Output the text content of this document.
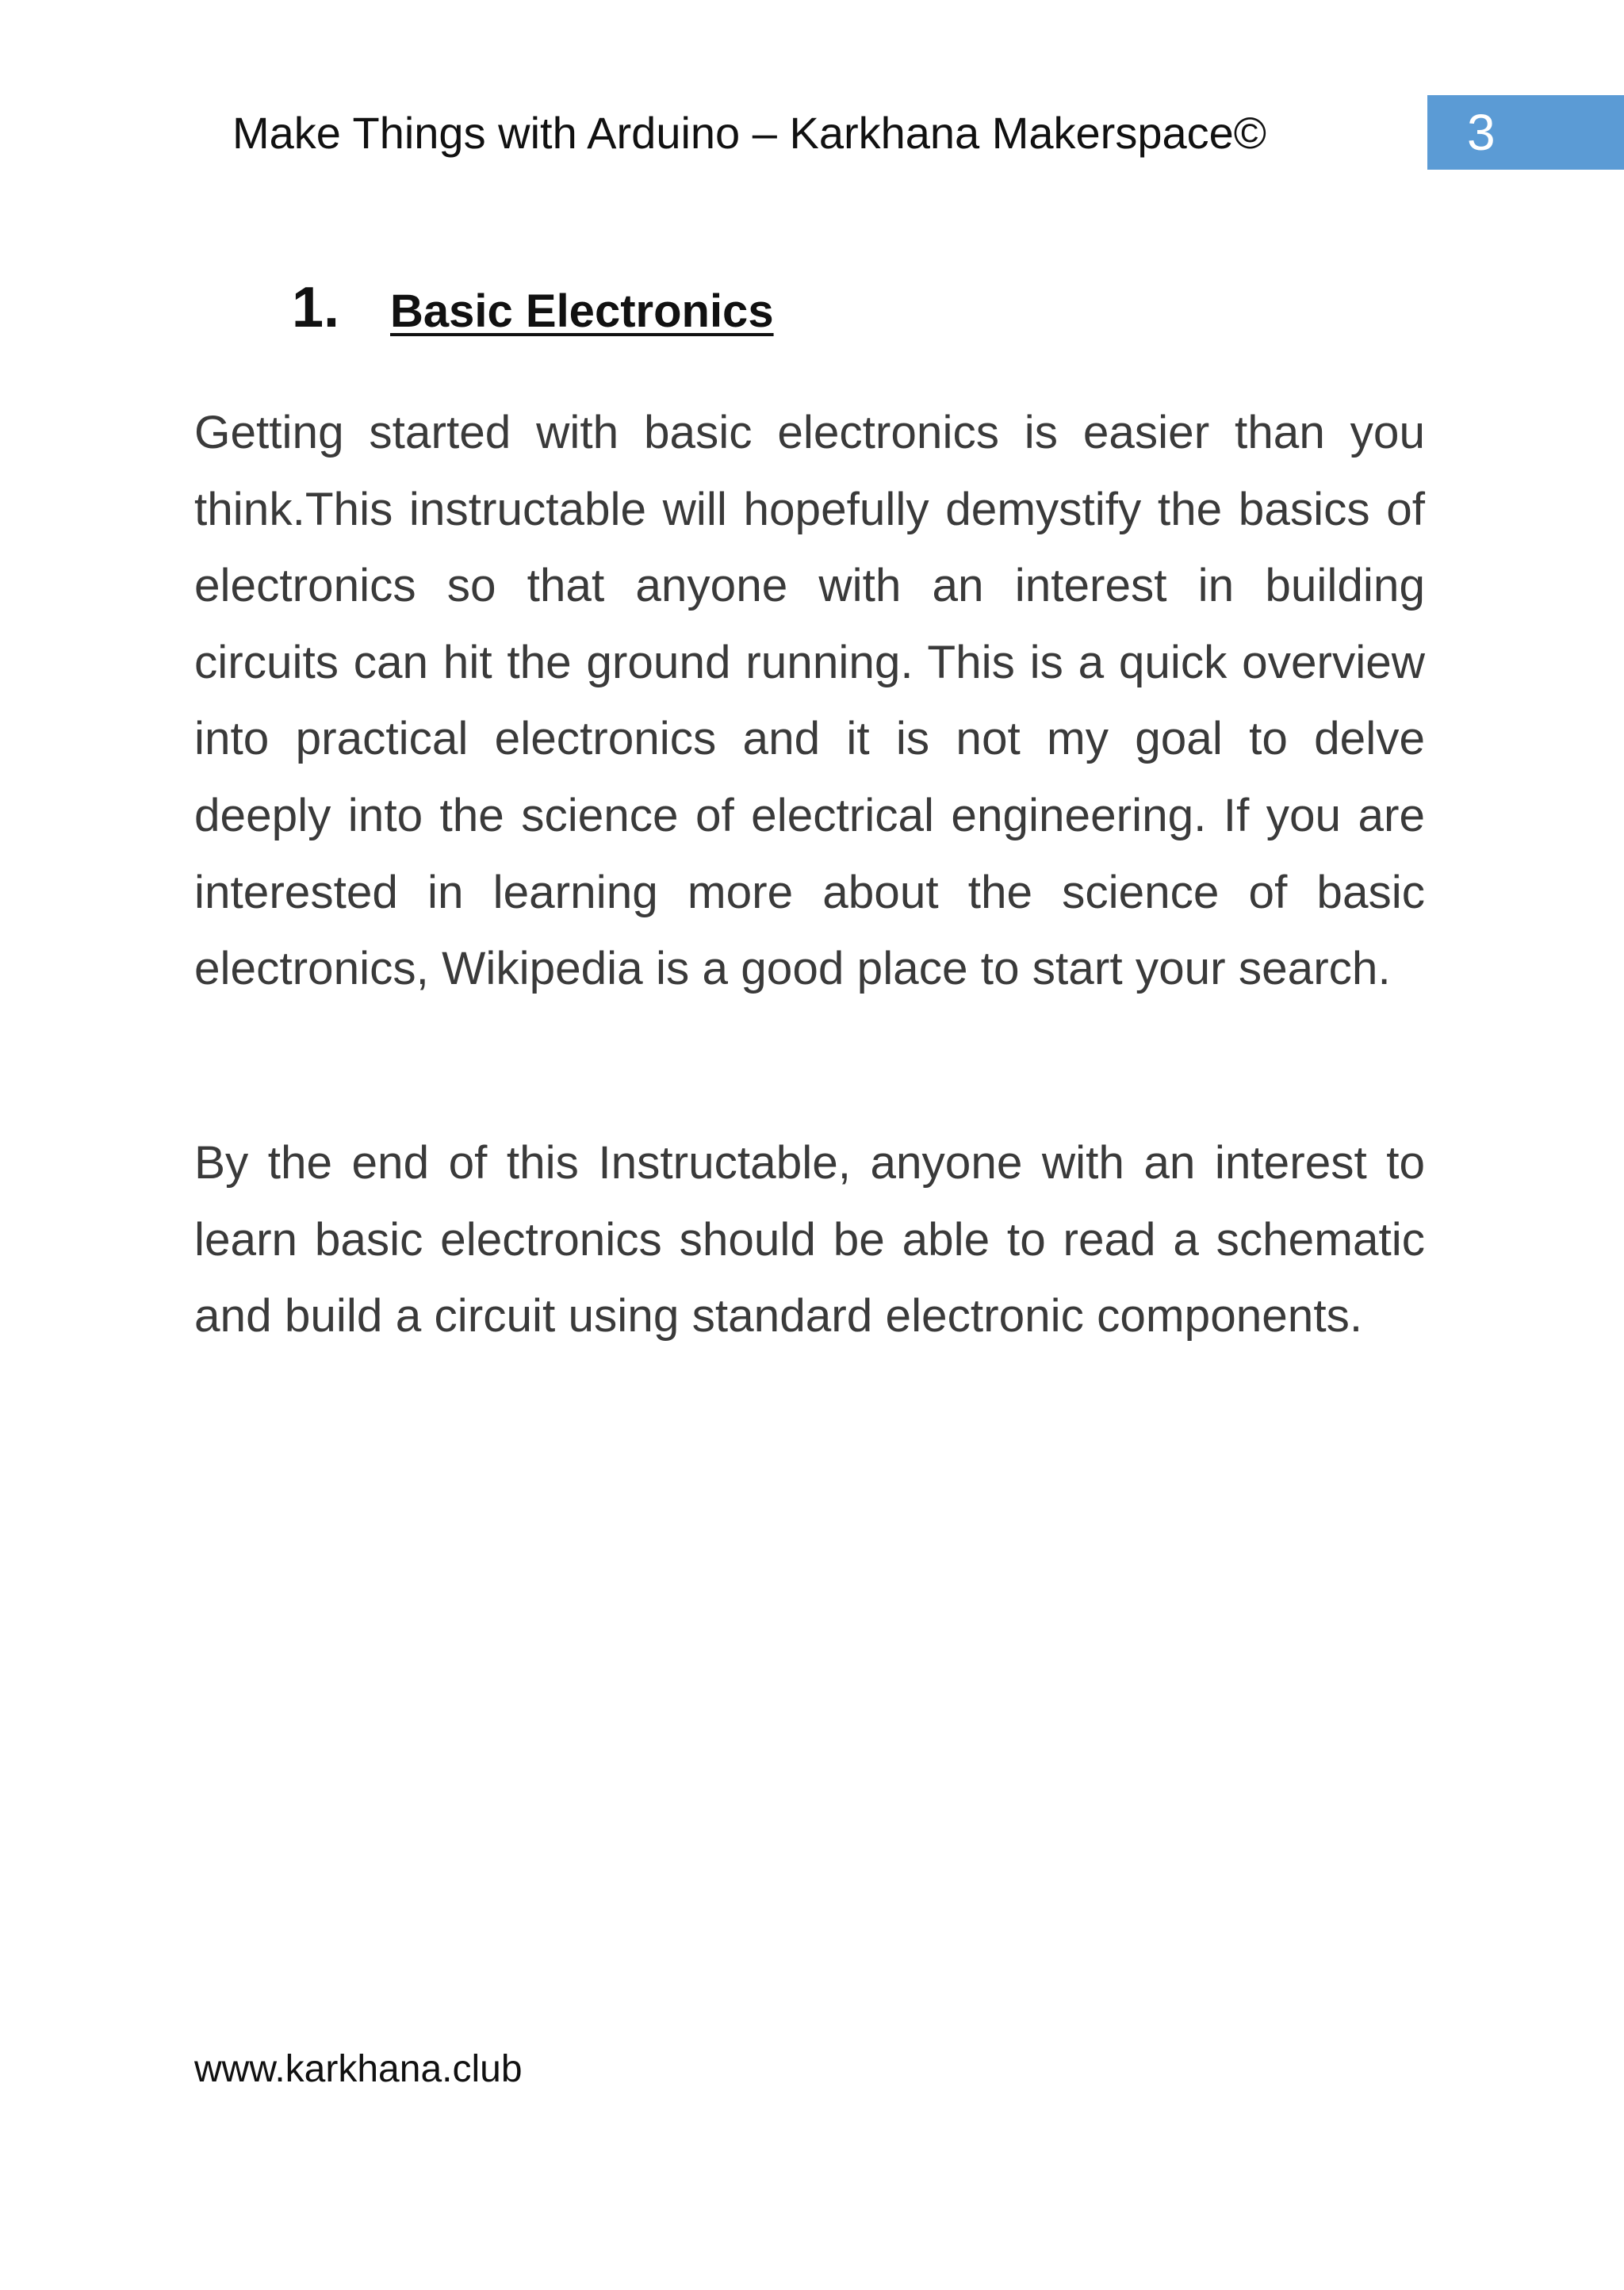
Make Things with Arduino – Karkhana Makerspace©	3
1. Basic Electronics

Getting started with basic electronics is easier than you think.This instructable will hopefully demystify the basics of electronics so that anyone with an interest in building circuits can hit the ground running. This is a quick overview into practical electronics and it is not my goal to delve deeply into the science of electrical engineering. If you are interested in learning more about the science of basic electronics, Wikipedia is a good place to start your search.

By the end of this Instructable, anyone with an interest to learn basic electronics should be able to read a schematic and build a circuit using standard electronic components.

www.karkhana.club
